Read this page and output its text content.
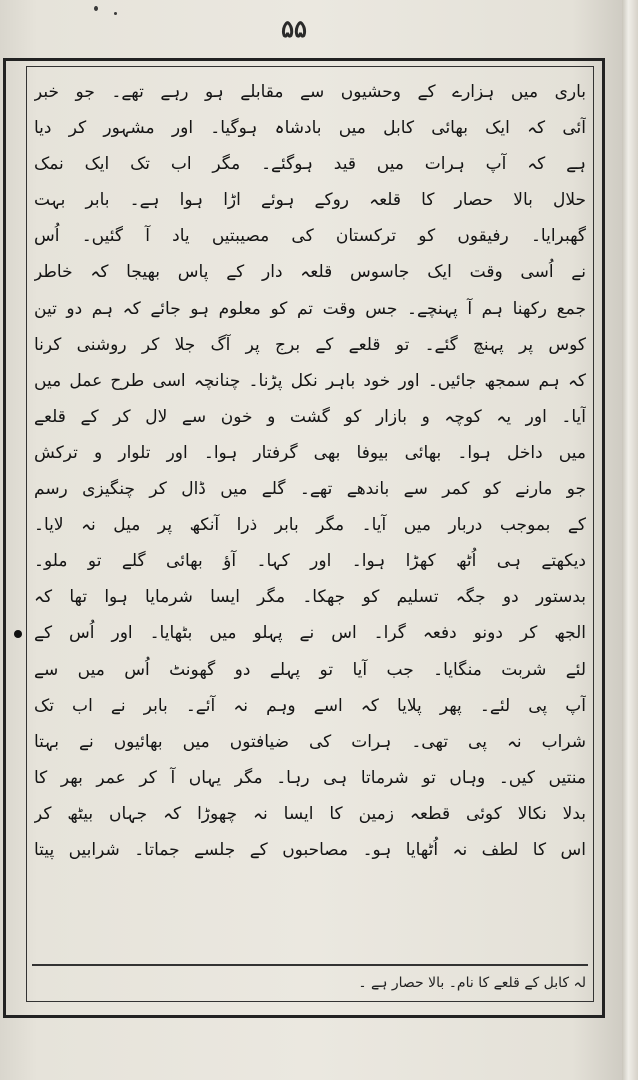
۵۵
باری میں ہزارے کے وحشیوں سے مقابلے ہو رہے تھے۔ جو خبر
آئی کہ ایک بھائی کابل میں بادشاہ ہوگیا۔ اور مشہور کر دیا
ہے کہ آپ ہرات میں قید ہوگئے۔ مگر اب تک ایک نمک
حلال بالا حصار کا قلعہ روکے ہوئے اڑا ہوا ہے۔ بابر بہت
گھبرایا۔ رفیقوں کو ترکستان کی مصیبتیں یاد آ گئیں۔ اُس
نے اُسی وقت ایک جاسوس قلعہ دار کے پاس بھیجا کہ خاطر
جمع رکھنا ہم آ پہنچے۔ جس وقت تم کو معلوم ہو جائے کہ ہم دو تین
کوس پر پہنچ گئے۔ تو قلعے کے برج پر آگ جلا کر روشنی کرنا
کہ ہم سمجھ جائیں۔ اور خود باہر نکل پڑنا۔ چنانچہ اسی طرح عمل میں
آیا۔ اور یہ کوچہ و بازار کو گشت و خون سے لال کر کے قلعے
میں داخل ہوا۔ بھائی بیوفا بھی گرفتار ہوا۔ اور تلوار و ترکش
جو مارنے کو کمر سے باندھے تھے۔ گلے میں ڈال کر چنگیزی رسم
کے بموجب دربار میں آیا۔ مگر بابر ذرا آنکھ پر میل نہ لایا۔
دیکھتے ہی اُٹھ کھڑا ہوا۔ اور کہا۔ آؤ بھائی گلے تو ملو۔
بدستور دو جگہ تسلیم کو جھکا۔ مگر ایسا شرمایا ہوا تھا کہ
الجھ کر دونو دفعہ گرا۔ اس نے پہلو میں بٹھایا۔ اور اُس کے
لئے شربت منگایا۔ جب آیا تو پہلے دو گھونٹ اُس میں سے
آپ پی لئے۔ پھر پلایا کہ اسے وہم نہ آئے۔ بابر نے اب تک
شراب نہ پی تھی۔ ہرات کی ضیافتوں میں بھائیوں نے بہتا
منتیں کیں۔ وہاں تو شرماتا ہی رہا۔ مگر یہاں آ کر عمر بھر کا
بدلا نکالا کوئی قطعہ زمین کا ایسا نہ چھوڑا کہ جہاں بیٹھ کر
اس کا لطف نہ اُٹھایا ہو۔ مصاحبوں کے جلسے جماتا۔ شرابیں پیتا
لہ کابل کے قلعے کا نام۔ بالا حصار ہے ۔
